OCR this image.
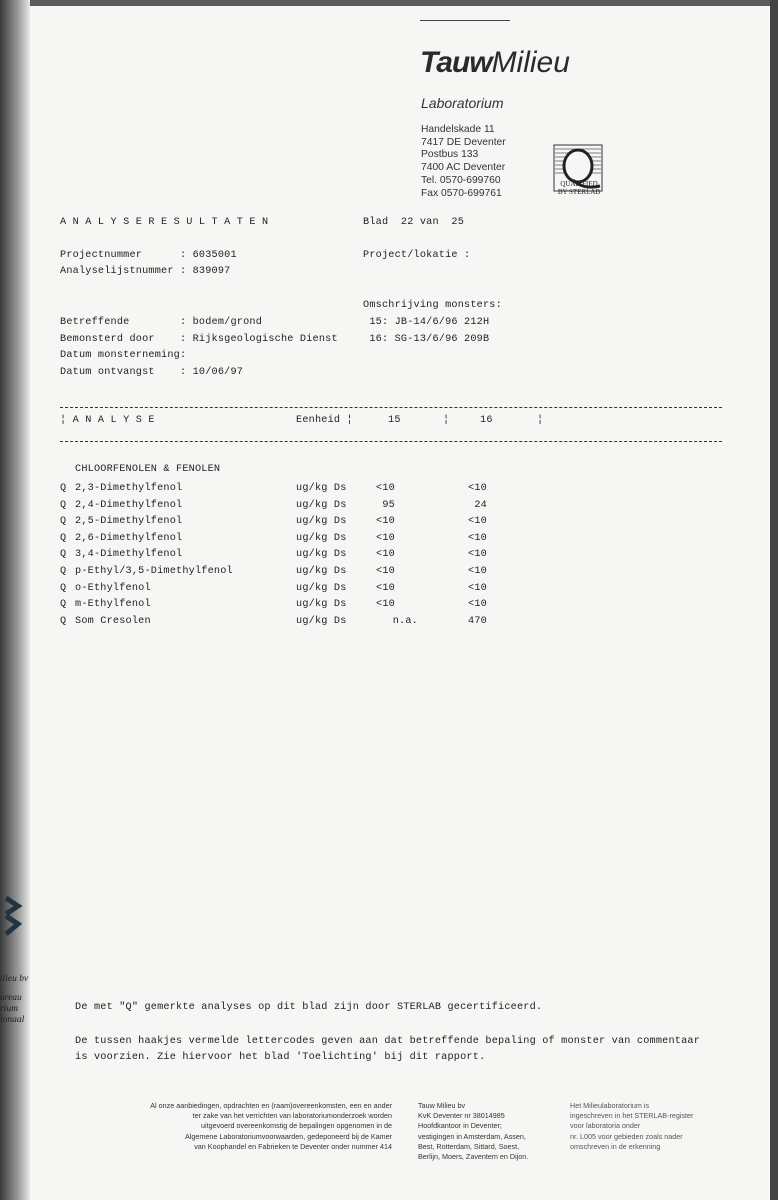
TauwMilieu
Laboratorium
Handelskade 11
7417 DE Deventer
Postbus 133
7400 AC Deventer
Tel. 0570-699760
Fax 0570-699761

QUALIFIED
BY STERLAB
A N A L Y S E R E S U L T A T E N	Blad  22 van  25
Projectnummer      : 6035001
Analyselijstnummer : 839097
Project/lokatie :
Omschrijving monsters:
15: JB-14/6/96 212H
16: SG-13/6/96 209B
Betreffende        : bodem/grond
Bemonsterd door    : Rijksgeologische Dienst
Datum monsterneming:
Datum ontvangst    : 10/06/97
¦ A N A L Y S E	Eenheid ¦	15	¦	16	¦
CHLOORFENOLEN & FENOLEN
Q 2,3-Dimethylfenol	ug/kg Ds	<10	<10
Q 2,4-Dimethylfenol	ug/kg Ds	95	24
Q 2,5-Dimethylfenol	ug/kg Ds	<10	<10
Q 2,6-Dimethylfenol	ug/kg Ds	<10	<10
Q 3,4-Dimethylfenol	ug/kg Ds	<10	<10
Q p-Ethyl/3,5-Dimethylfenol	ug/kg Ds	<10	<10
Q o-Ethylfenol	ug/kg Ds	<10	<10
Q m-Ethylfenol	ug/kg Ds	<10	<10
Q Som Cresolen	ug/kg Ds	n.a.	470
De met "Q" gemerkte analyses op dit blad zijn door STERLAB gecertificeerd.
De tussen haakjes vermelde lettercodes geven aan dat betreffende bepaling of monster van commentaar
is voorzien. Zie hiervoor het blad 'Toelichting' bij dit rapport.
Al onze aanbiedingen, opdrachten en (raam)overeenkomsten, een en ander
ter zake van het verrichten van laboratoriumonderzoek worden
uitgevoerd overeenkomstig de bepalingen opgenomen in de
Algemene Laboratoriumvoorwaarden, gedeponeerd bij de Kamer
van Koophandel en Fabrieken te Deventer onder nummer 414
Tauw Milieu bv
KvK Deventer nr 38014985
Hoofdkantoor in Deventer;
vestigingen in Amsterdam, Assen,
Best, Rotterdam, Sittard, Soest,
Berlijn, Moers, Zaventem en Dijon.
Het Milieulaboratorium is
ingeschreven in het STERLAB-register
voor laboratoria onder
nr. L005 voor gebieden zoals nader
omschreven in de erkenning
ilieu bv
ureau
rium
ionaal
